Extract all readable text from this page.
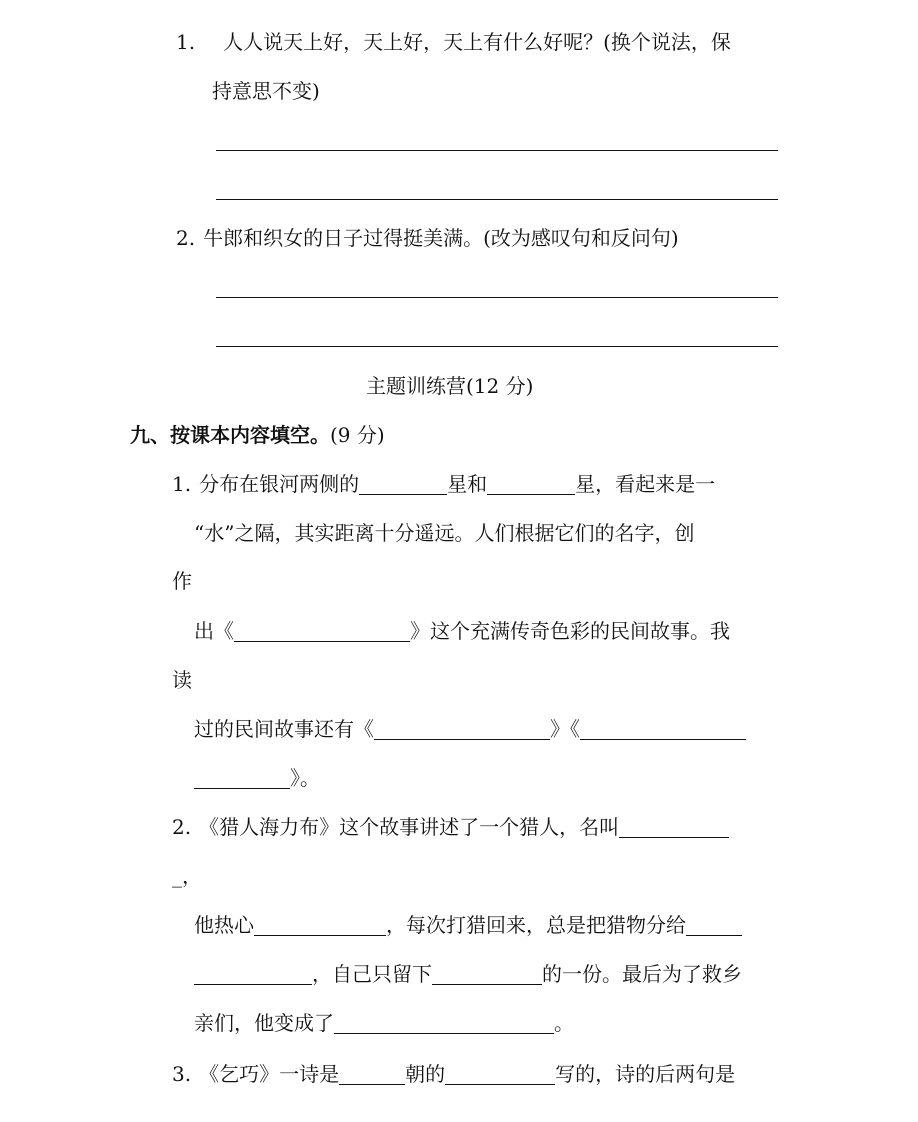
1. 人人说天上好，天上好，天上有什么好呢？(换个说法，保
持意思不变)
2. 牛郎和织女的日子过得挺美满。(改为感叹句和反问句)
主题训练营(12 分)
九、按课本内容填空。(9 分)
1. 分布在银河两侧的	星和	星，看起来是一
“水”之隔，其实距离十分遥远。人们根据它们的名字，创
作
出《	》这个充满传奇色彩的民间故事。我
读
过的民间故事还有《	》《
》。
2. 《猎人海力布》这个故事讲述了一个猎人，名叫
_，
他热心	，每次打猎回来，总是把猎物分给
，自己只留下	的一份。最后为了救乡
亲们，他变成了	。
3. 《乞巧》一诗是	朝的	写的，诗的后两句是
